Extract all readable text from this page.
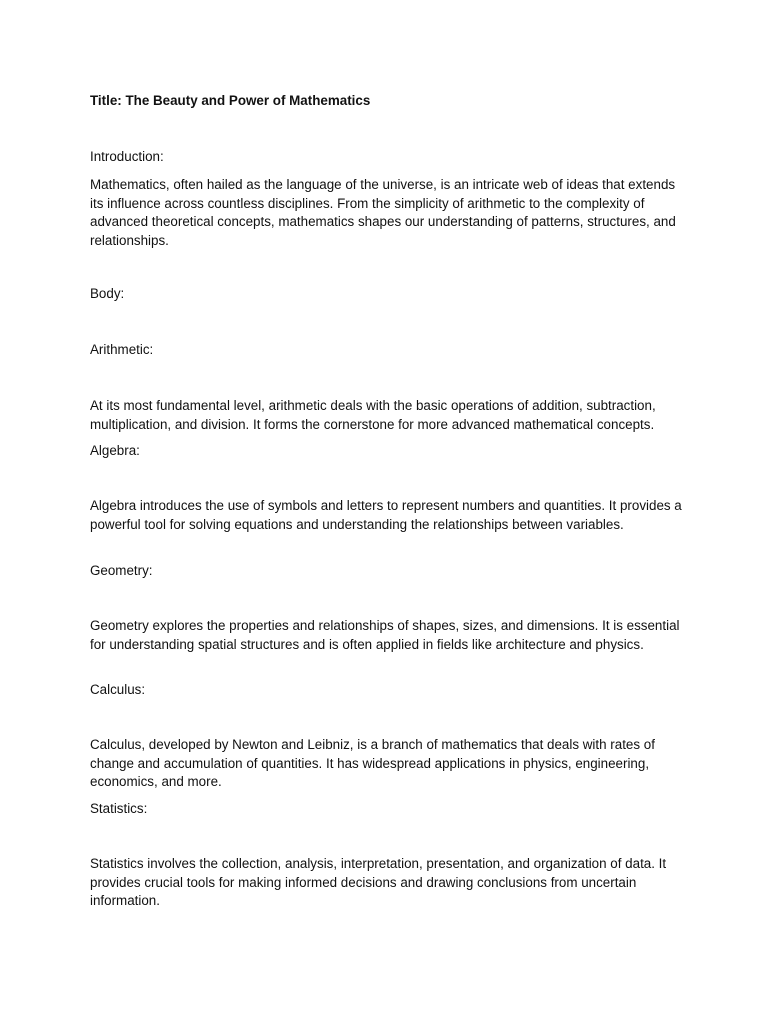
Title: The Beauty and Power of Mathematics

Introduction:

Mathematics, often hailed as the language of the universe, is an intricate web of ideas that extends its influence across countless disciplines. From the simplicity of arithmetic to the complexity of advanced theoretical concepts, mathematics shapes our understanding of patterns, structures, and relationships.

Body:

Arithmetic:

At its most fundamental level, arithmetic deals with the basic operations of addition, subtraction, multiplication, and division. It forms the cornerstone for more advanced mathematical concepts.

Algebra:

Algebra introduces the use of symbols and letters to represent numbers and quantities. It provides a powerful tool for solving equations and understanding the relationships between variables.

Geometry:

Geometry explores the properties and relationships of shapes, sizes, and dimensions. It is essential for understanding spatial structures and is often applied in fields like architecture and physics.

Calculus:

Calculus, developed by Newton and Leibniz, is a branch of mathematics that deals with rates of change and accumulation of quantities. It has widespread applications in physics, engineering, economics, and more.

Statistics:

Statistics involves the collection, analysis, interpretation, presentation, and organization of data. It provides crucial tools for making informed decisions and drawing conclusions from uncertain information.
